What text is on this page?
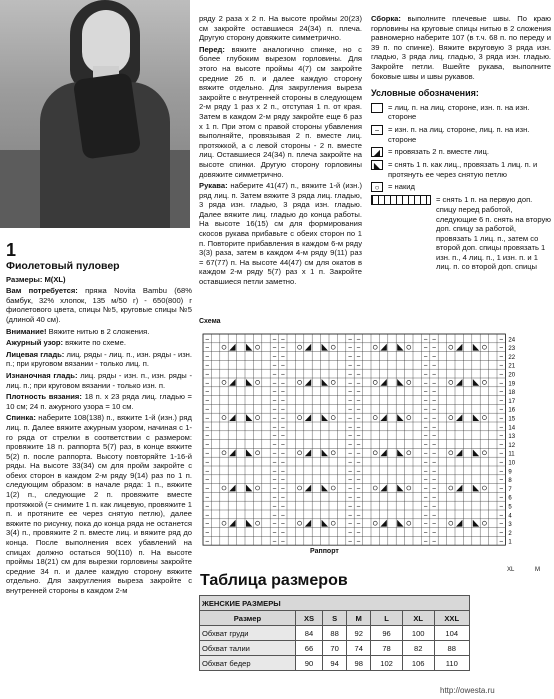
1
Фиолетовый пуловер

Размеры: M(XL)

Вам потребуется: пряжа Novita Bambu (68% бамбук, 32% хлопок, 135 м/50 г) - 650(800) г фиолетового цвета, спицы №5, круговые спицы №5 (длиной 40 см).

Внимание! Вяжите нитью в 2 сложения.

Ажурный узор: вяжите по схеме.

Лицевая гладь: лиц. ряды - лиц. п., изн. ряды - изн. п.; при круговом вязании - только лиц. п.

Изнаночная гладь: лиц. ряды - изн. п., изн. ряды - лиц. п.; при круговом вязании - только изн. п.

Плотность вязания: 18 п. x 23 ряда лиц. гладью = 10 см; 24 п. ажурного узора = 10 см.

Спинка: наберите 108(138) п., вяжите 1-й (изн.) ряд лиц. п. Далее вяжите ажурным узором, начиная с 1-го ряда от стрелки в соответствии с размером: провяжите 18 п. раппорта 5(7) раз, в конце вяжите 5(2) п. после раппорта. Высоту повторяйте 1-16-й ряды. На высоте 33(34) см для пройм закройте с обеих сторон в каждом 2-м ряду 9(14) раз по 1 п. следующим образом: в начале ряда: 1 п., вяжите 1(2) п., следующие 2 п. провяжите вместе протяжкой (= снимите 1 п. как лицевую, провяжите 1 п. и протяните ее через снятую петлю), далее вяжите по рисунку, пока до конца ряда не останется 3(4) п., провяжите 2 п. вместе лиц. и вяжите ряд до конца. После выполнения всех убавлений на спицах должно остаться 90(110) п. На высоте проймы 18(21) см для вырезки горловины закройте средние 34 п. и далее каждую сторону вяжите отдельно. Для закругления выреза закройте с внутренней стороны в каждом 2-м

ряду 2 раза x 2 п. На высоте проймы 20(23) см закройте оставшиеся 24(34) п. плеча. Другую сторону довяжите симметрично.

Перед: вяжите аналогично спинке, но с более глубоким вырезом горловины. Для этого на высоте проймы 4(7) см закройте средние 26 п. и далее каждую сторону вяжите отдельно. Для закругления выреза закройте с внутренней стороны в следующем 2-м ряду 1 раз x 2 п., отступая 1 п. от края. Затем в каждом 2-м ряду закройте еще 6 раз x 1 п. При этом с правой стороны убавления выполняйте, провязывая 2 п. вместе лиц. протяжкой, а с левой стороны - 2 п. вместе лиц. Оставшиеся 24(34) п. плеча закройте на высоте спинки. Другую сторону горловины довяжите симметрично.

Рукава: наберите 41(47) п., вяжите 1-й (изн.) ряд лиц. п. Затем вяжите 3 ряда лиц. гладью, 3 ряда изн. гладью, 3 ряда изн. гладью. Далее вяжите лиц. гладью до конца работы. На высоте 16(15) см для формирования скосов рукава прибавьте с обеих сторон по 1 п. Повторите прибавления в каждом 6-м ряду 3(3) раза, затем в каждом 4-м ряду 9(11) раз = 67(77) п. На высоте 44(47) см для окатов в каждом 2-м ряду 5(7) раз x 1 п. Закройте оставшиеся петли заметно.

Сборка: выполните плечевые швы. По краю горловины на круговые спицы нитью в 2 сложения равномерно наберите 107 (в т.ч. 68 п. по переду и 39 п. по спинке). Вяжите вкруговую 3 ряда изн. гладью, 3 ряда лиц. гладью, 3 ряда изн. гладью. Закройте петли. Вшейте рукава, выполните боковые швы и швы рукавов.

Условные обозначения:
= лиц. п. на лиц. стороне, изн. п. на изн. стороне
−	= изн. п. на лиц. стороне, лиц. п. на изн. стороне
◢	= провязать 2 п. вместе лиц.
◣	= снять 1 п. как лиц., провязать 1 лиц. п. и протянуть ее через снятую петлю
○	= накид
= снять 1 п. на первую доп. спицу перед работой, следующие 6 п. снять на вторую доп. спицу за работой, провязать 1 лиц. п., затем со второй доп. спицы провязать 1 изн. п., 4 лиц. п., 1 изн. п. и 1 лиц. п. со второй доп. спицы
Схема
−	− −	− −	− −	− 24
−	− −	− −	− −	− 23
−	− −	− −	− −	− 22
−	− −	− −	− −	− 21
−	− −	− −	− −	− 20
−	− −	− −	− −	− 19
−	− −	− −	− −	− 18
−	− −	− −	− −	− 17
−	− −	− −	− −	− 16
−	− −	− −	− −	− 15
−	− −	− −	− −	− 14
−	− −	− −	− −	− 13
−	− −	− −	− −	− 12
−	− −	− −	− −	− 11
−	− −	− −	− −	− 10
−	− −	− −	− −	− 9
−	− −	− −	− −	− 8
−	− −	− −	− −	− 7
−	− −	− −	− −	− 6
−	− −	− −	− −	− 5
−	− −	− −	− −	− 4
−	− −	− −	− −	− 3
−	− −	− −	− −	− 2
−	− −	− −	− −	− 1
Раппорт
XL	M
Таблица размеров
ЖЕНСКИЕ РАЗМЕРЫ						
Размер	XS	S	M	L	XL	XXL
Обхват груди	84	88	92	96	100	104
Обхват талии	66	70	74	78	82	88
Обхват бедер	90	94	98	102	106	110
http://owesta.ru
